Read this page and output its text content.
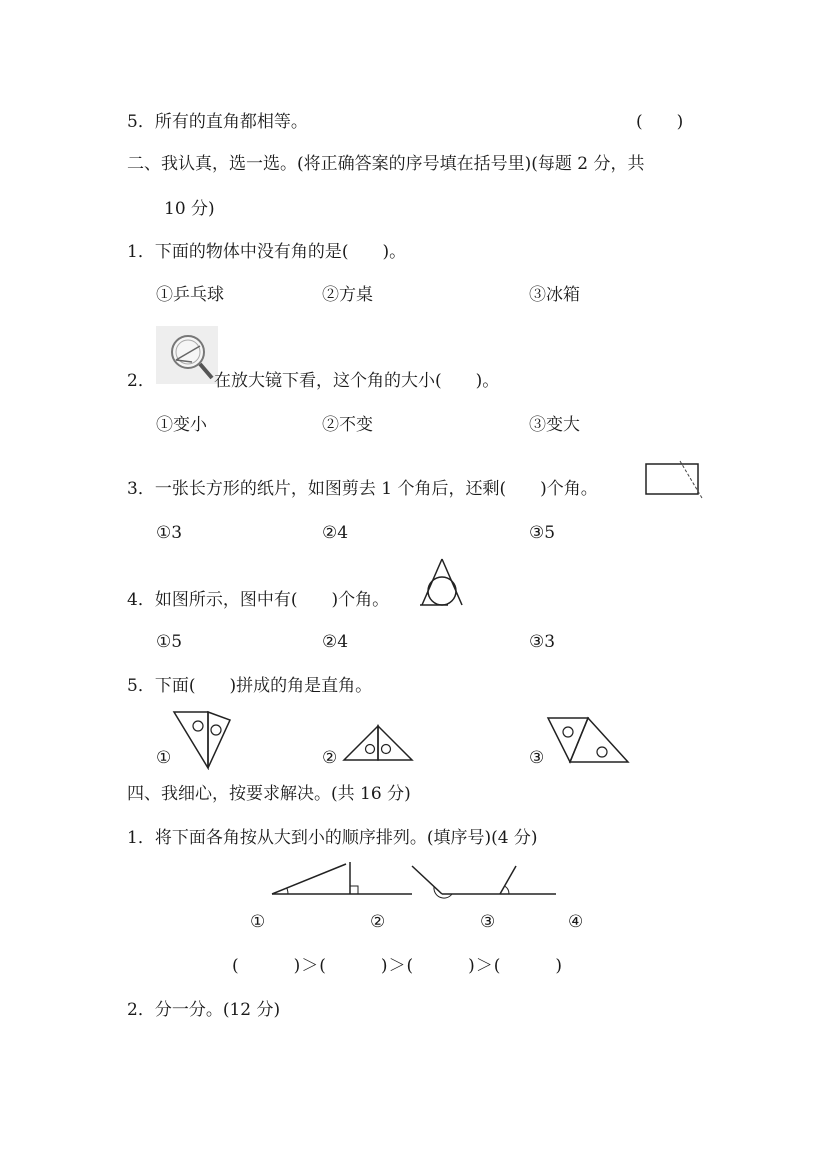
5．所有的直角都相等。	(　　)
二、我认真，选一选。(将正确答案的序号填在括号里)(每题 2 分，共
10 分)
1．下面的物体中没有角的是(　　)。
①乒乓球	②方桌	③冰箱
2．	在放大镜下看，这个角的大小(　　)。
①变小	②不变	③变大
3．一张长方形的纸片，如图剪去 1 个角后，还剩(　　)个角。
①3	②4	③5
4．如图所示，图中有(　　)个角。
①5	②4	③3
5．下面(　　)拼成的角是直角。
①	②	③
四、我细心，按要求解决。(共 16 分)
1．将下面各角按从大到小的顺序排列。(填序号)(4 分)
①	②	③	④
(　　　)＞(　　　)＞(　　　)＞(　　　)
2．分一分。(12 分)
